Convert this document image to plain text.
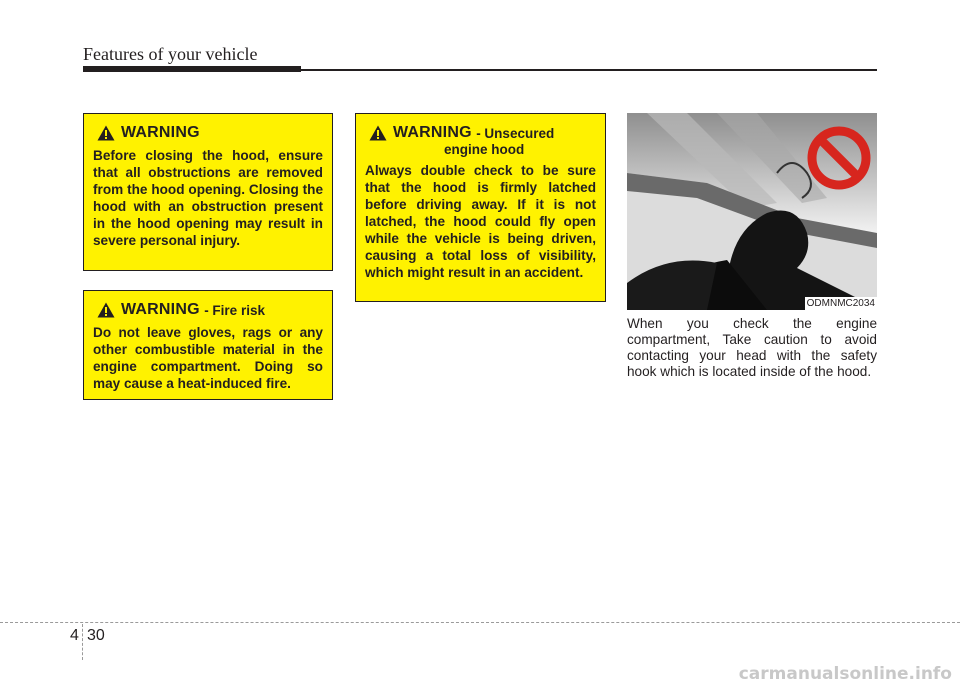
Features of your vehicle
WARNING
Before closing the hood, ensure that all obstructions are removed from the hood opening. Closing the hood with an obstruction present in the hood opening may result in severe personal injury.
WARNING
- Fire risk
Do not leave gloves, rags or any other combustible material in the engine compartment. Doing so may cause a heat-induced fire.
WARNING
- Unsecured
engine hood
Always double check to be sure that the hood is firmly latched before driving away. If it is not latched, the hood could fly open while the vehicle is being driven, causing a total loss of visibility, which might result in an accident.
ODMNMC2034
When you check the engine compartment, Take caution to avoid contacting your head with the safety hook which is located inside of the hood.
4 30
carmanualsonline.info
